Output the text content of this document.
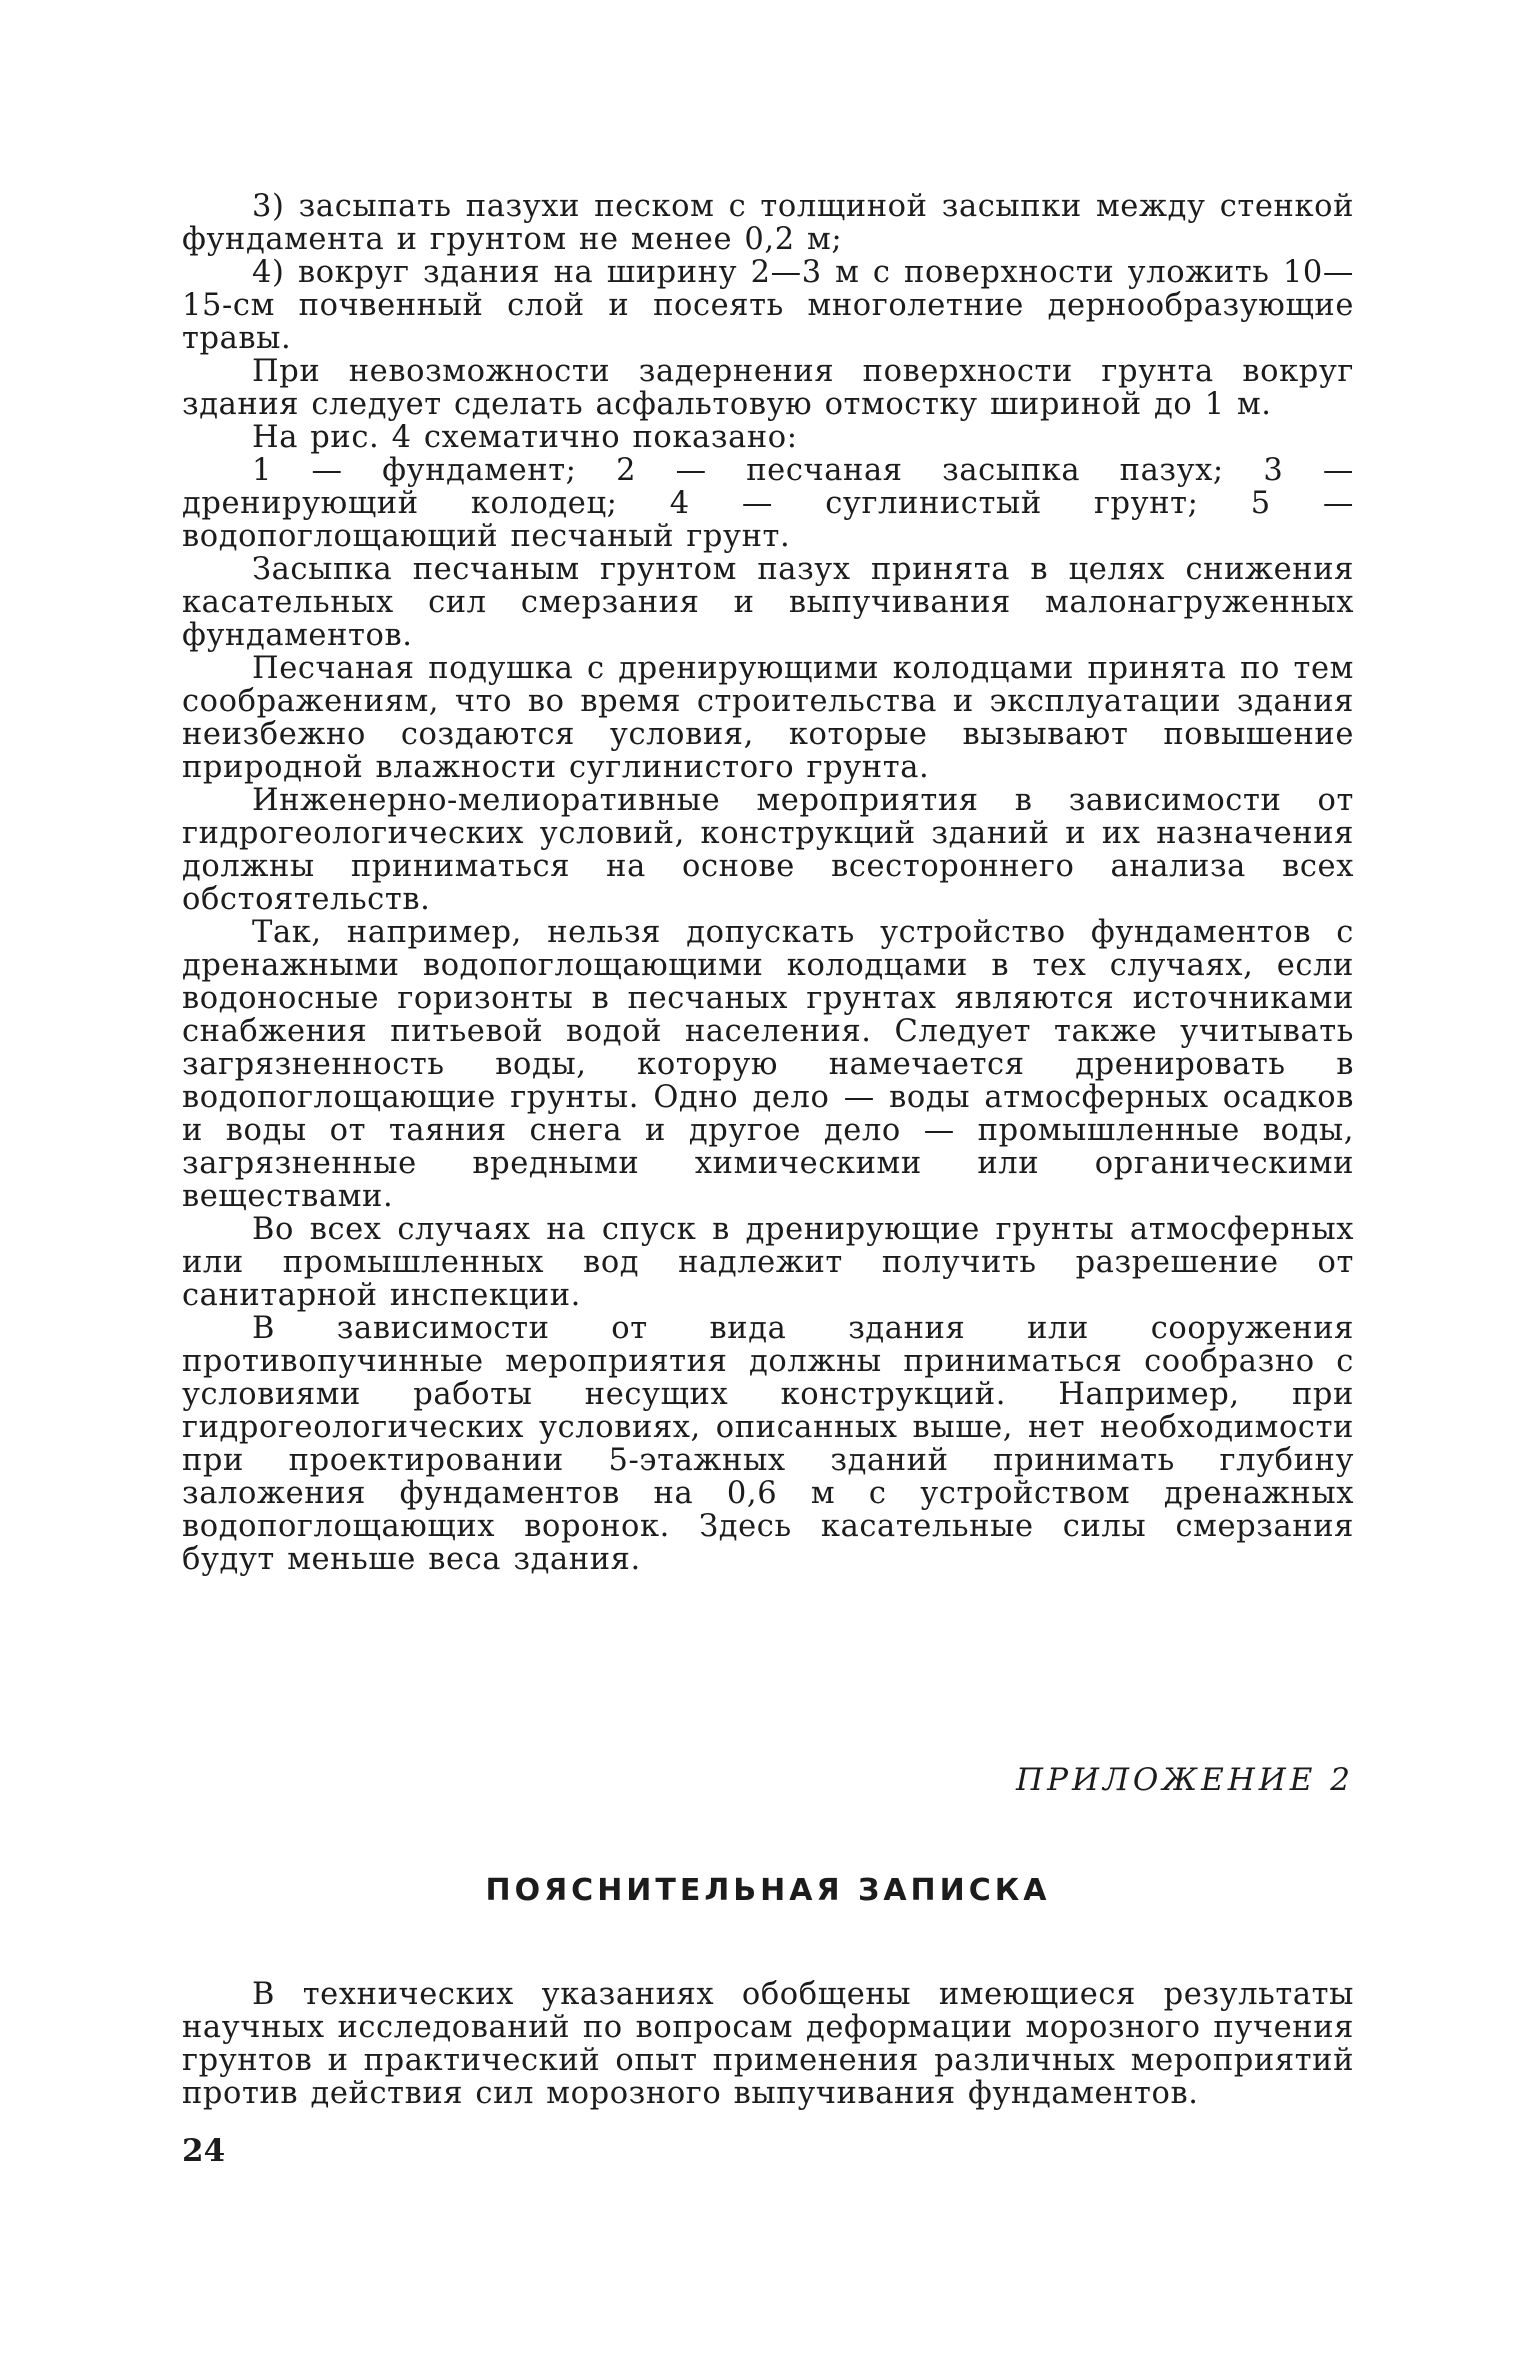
3) засыпать пазухи песком с толщиной засыпки между стенкой фундамента и грунтом не менее 0,2 м;

4) вокруг здания на ширину 2—3 м с поверхности уложить 10—15-см почвенный слой и посеять многолетние дернообразующие травы.

При невозможности задернения поверхности грунта вокруг здания следует сделать асфальтовую отмостку шириной до 1 м.

На рис. 4 схематично показано:

1 — фундамент; 2 — песчаная засыпка пазух; 3 — дренирующий колодец; 4 — суглинистый грунт; 5 — водопоглощающий песчаный грунт.

Засыпка песчаным грунтом пазух принята в целях снижения касательных сил смерзания и выпучивания малонагруженных фундаментов.

Песчаная подушка с дренирующими колодцами принята по тем соображениям, что во время строительства и эксплуатации здания неизбежно создаются условия, которые вызывают повышение природной влажности суглинистого грунта.

Инженерно-мелиоративные мероприятия в зависимости от гидрогеологических условий, конструкций зданий и их назначения должны приниматься на основе всестороннего анализа всех обстоятельств.

Так, например, нельзя допускать устройство фундаментов с дренажными водопоглощающими колодцами в тех случаях, если водоносные горизонты в песчаных грунтах являются источниками снабжения питьевой водой населения. Следует также учитывать загрязненность воды, которую намечается дренировать в водопоглощающие грунты. Одно дело — воды атмосферных осадков и воды от таяния снега и другое дело — промышленные воды, загрязненные вредными химическими или органическими веществами.

Во всех случаях на спуск в дренирующие грунты атмосферных или промышленных вод надлежит получить разрешение от санитарной инспекции.

В зависимости от вида здания или сооружения противопучинные мероприятия должны приниматься сообразно с условиями работы несущих конструкций. Например, при гидрогеологических условиях, описанных выше, нет необходимости при проектировании 5-этажных зданий принимать глубину заложения фундаментов на 0,6 м с устройством дренажных водопоглощающих воронок. Здесь касательные силы смерзания будут меньше веса здания.

ПРИЛОЖЕНИЕ 2

ПОЯСНИТЕЛЬНАЯ ЗАПИСКА

В технических указаниях обобщены имеющиеся результаты научных исследований по вопросам деформации морозного пучения грунтов и практический опыт применения различных мероприятий против действия сил морозного выпучивания фундаментов.

24
